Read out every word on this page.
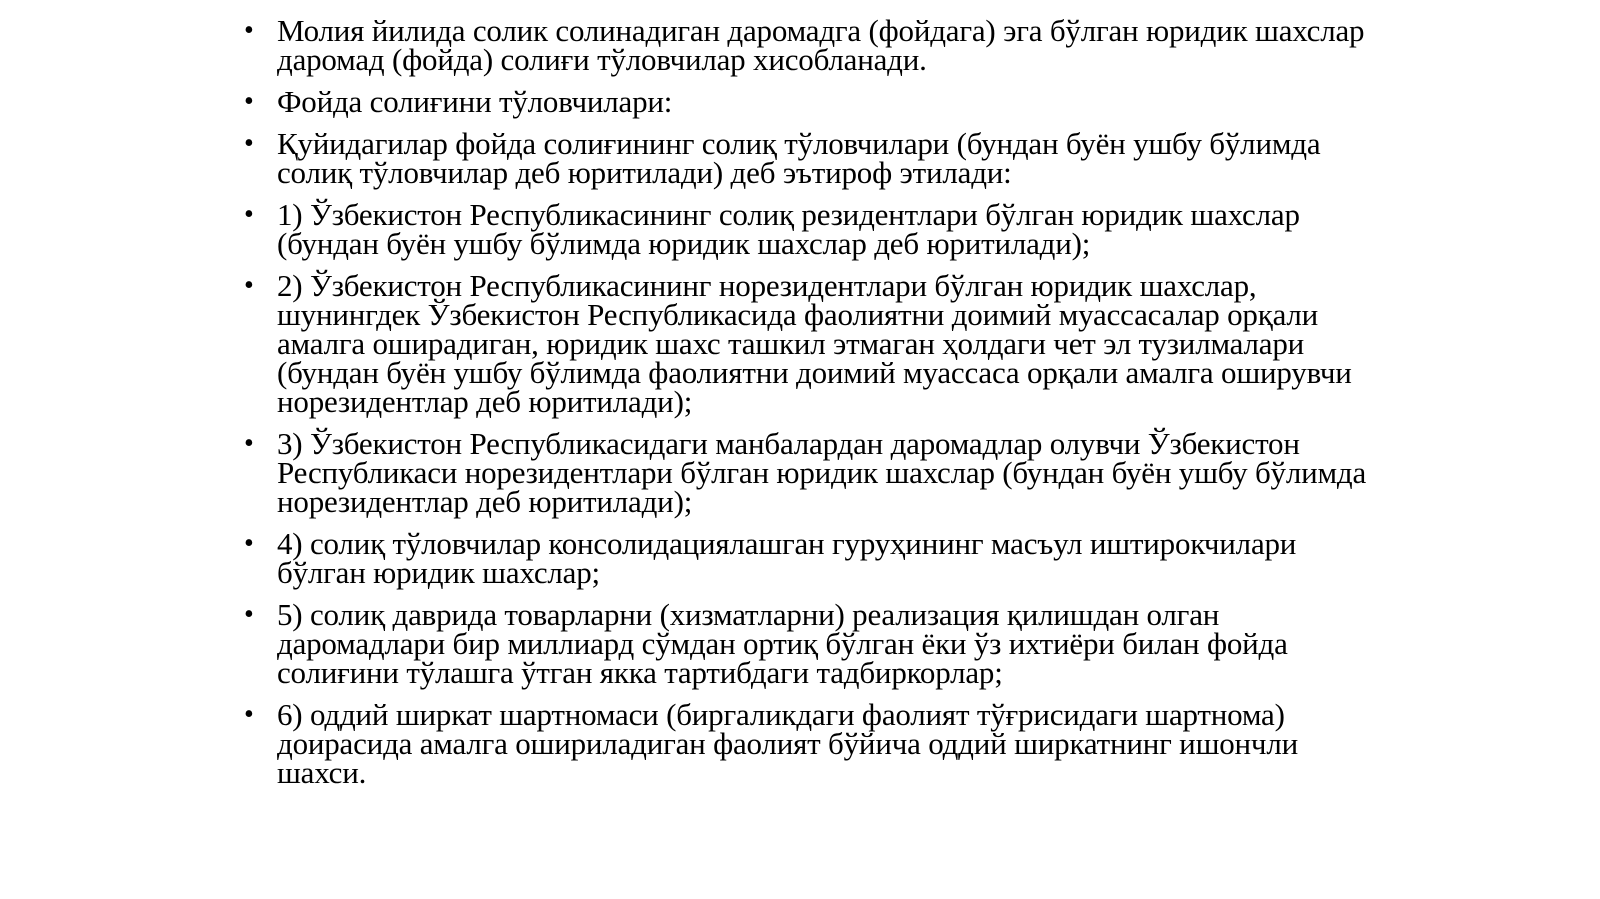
• Молия йилида солик солинадиган даромадга (фойдага) эга бўлган юридик шахслар даромад (фойда) солиғи тўловчилар хисобланади.
• Фойда солиғини тўловчилари:
• Қуйидагилар фойда солиғининг солиқ тўловчилари (бундан буён ушбу бўлимда солиқ тўловчилар деб юритилади) деб эътироф этилади:
• 1) Ўзбекистон Республикасининг солиқ резидентлари бўлган юридик шахслар (бундан буён ушбу бўлимда юридик шахслар деб юритилади);
• 2) Ўзбекистон Республикасининг норезидентлари бўлган юридик шахслар, шунингдек Ўзбекистон Республикасида фаолиятни доимий муассасалар орқали амалга оширадиган, юридик шахс ташкил этмаган ҳолдаги чет эл тузилмалари (бундан буён ушбу бўлимда фаолиятни доимий муассаса орқали амалга оширувчи норезидентлар деб юритилади);
• 3) Ўзбекистон Республикасидаги манбалардан даромадлар олувчи Ўзбекистон Республикаси норезидентлари бўлган юридик шахслар (бундан буён ушбу бўлимда норезидентлар деб юритилади);
• 4) солиқ тўловчилар консолидациялашган гуруҳининг масъул иштирокчилари бўлган юридик шахслар;
• 5) солиқ даврида товарларни (хизматларни) реализация қилишдан олган даромадлари бир миллиард сўмдан ортиқ бўлган ёки ўз ихтиёри билан фойда солиғини тўлашга ўтган якка тартибдаги тадбиркорлар;
• 6) оддий ширкат шартномаси (биргаликдаги фаолият тўғрисидаги шартнома) доирасида амалга ошириладиган фаолият бўйича оддий ширкатнинг ишончли шахси.
